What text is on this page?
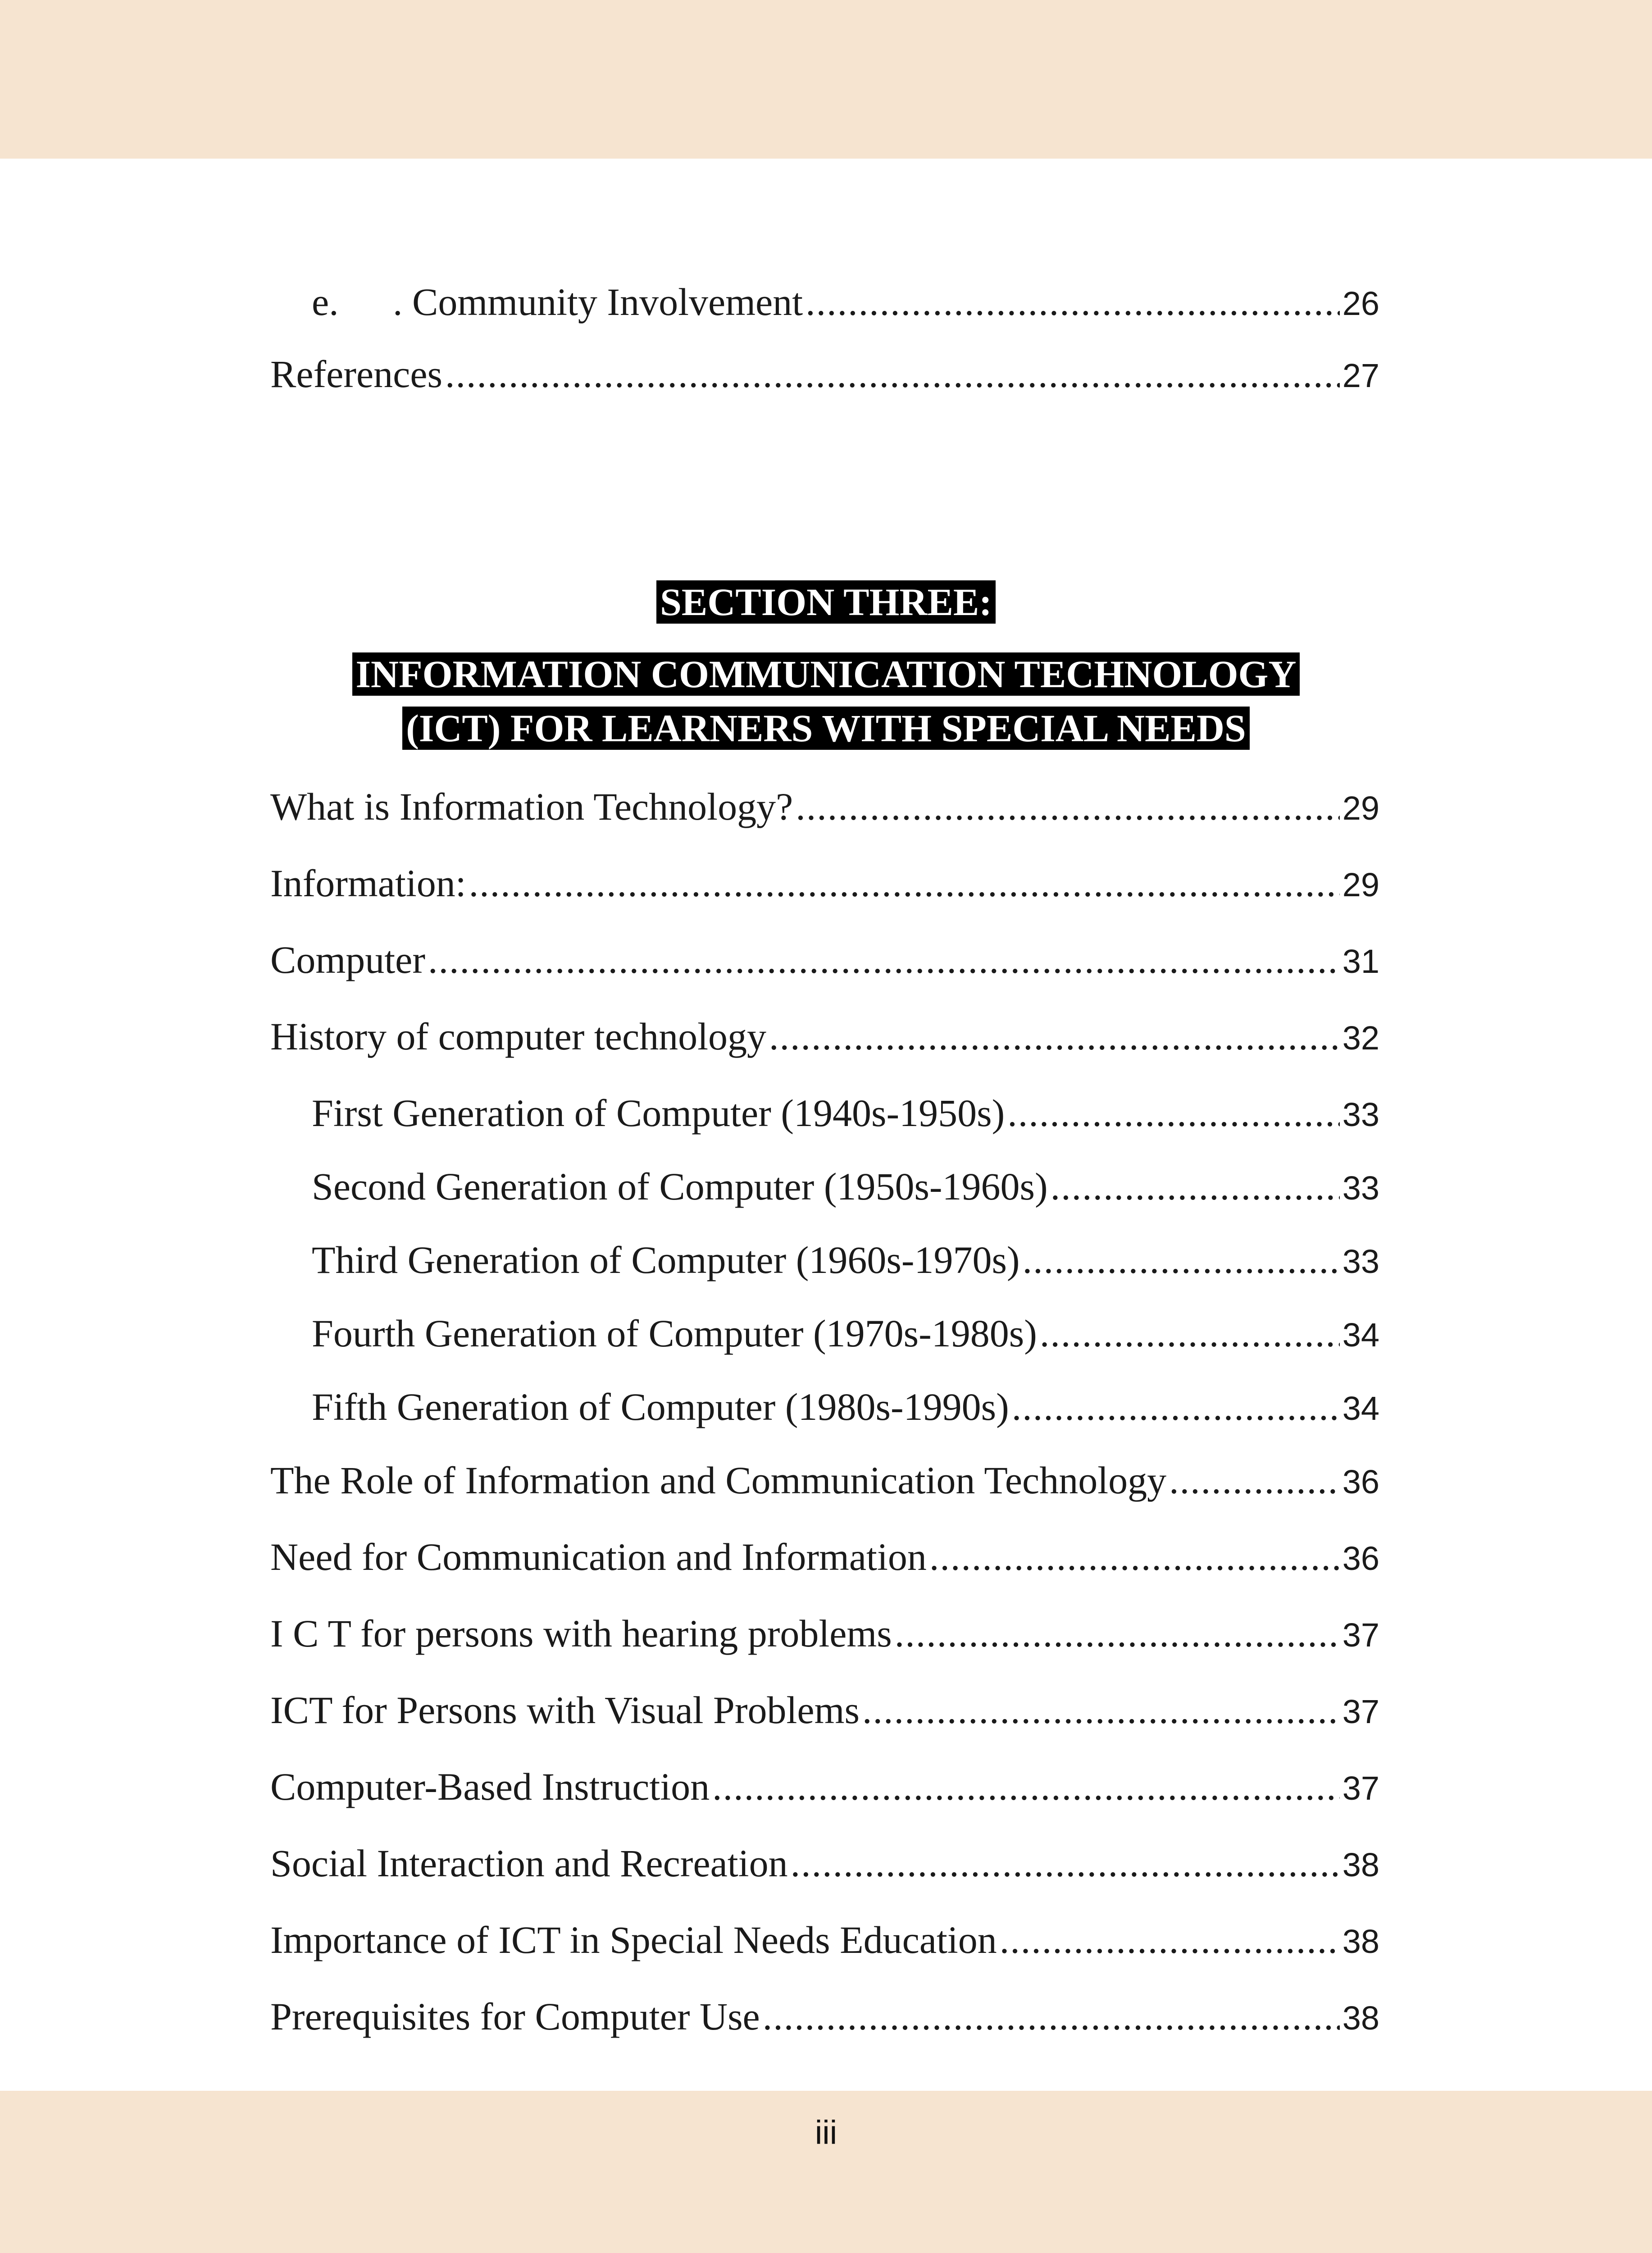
e. . Community Involvement .....	26
References .....	27
SECTION THREE:
INFORMATION COMMUNICATION TECHNOLOGY
(ICT) FOR LEARNERS WITH SPECIAL NEEDS
What is Information Technology? .....	29
Information: .....	29
Computer .....	31
History of computer technology .....	32
First Generation of Computer (1940s-1950s) .....	33
Second Generation of Computer (1950s-1960s) .....	33
Third Generation of Computer (1960s-1970s) .....	33
Fourth Generation of Computer (1970s-1980s) .....	34
Fifth Generation of Computer (1980s-1990s) .....	34
The Role of Information and Communication Technology .....	36
Need for Communication and Information .....	36
I C T for persons with hearing problems .....	37
ICT for Persons with Visual Problems .....	37
Computer-Based Instruction .....	37
Social Interaction and Recreation .....	38
Importance of ICT in Special Needs Education .....	38
Prerequisites for Computer Use .....	38
iii
